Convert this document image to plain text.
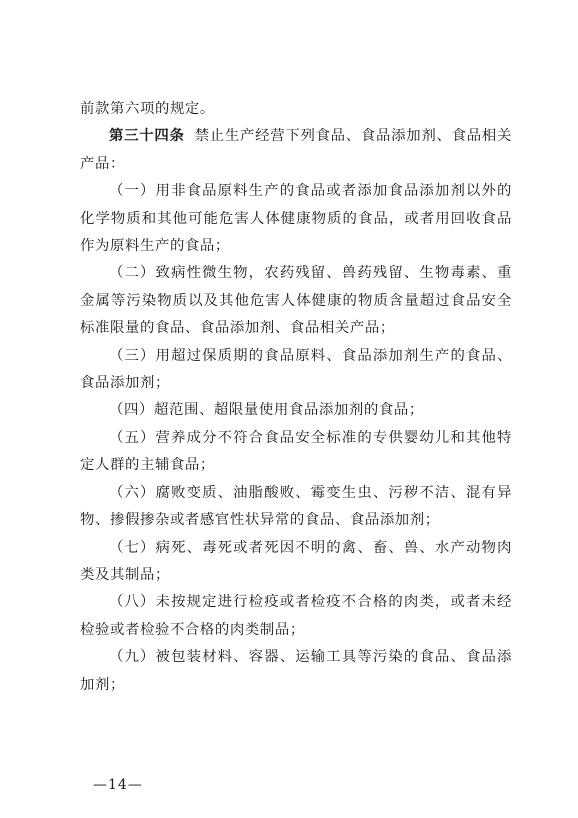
前款第六项的规定。

第三十四条 禁止生产经营下列食品、食品添加剂、食品相关产品：

（一）用非食品原料生产的食品或者添加食品添加剂以外的化学物质和其他可能危害人体健康物质的食品，或者用回收食品作为原料生产的食品；

（二）致病性微生物，农药残留、兽药残留、生物毒素、重金属等污染物质以及其他危害人体健康的物质含量超过食品安全标准限量的食品、食品添加剂、食品相关产品；

（三）用超过保质期的食品原料、食品添加剂生产的食品、食品添加剂；

（四）超范围、超限量使用食品添加剂的食品；

（五）营养成分不符合食品安全标准的专供婴幼儿和其他特定人群的主辅食品；

（六）腐败变质、油脂酸败、霉变生虫、污秽不洁、混有异物、掺假掺杂或者感官性状异常的食品、食品添加剂；

（七）病死、毒死或者死因不明的禽、畜、兽、水产动物肉类及其制品；

（八）未按规定进行检疫或者检疫不合格的肉类，或者未经检验或者检验不合格的肉类制品；

（九）被包装材料、容器、运输工具等污染的食品、食品添加剂；

—14—
